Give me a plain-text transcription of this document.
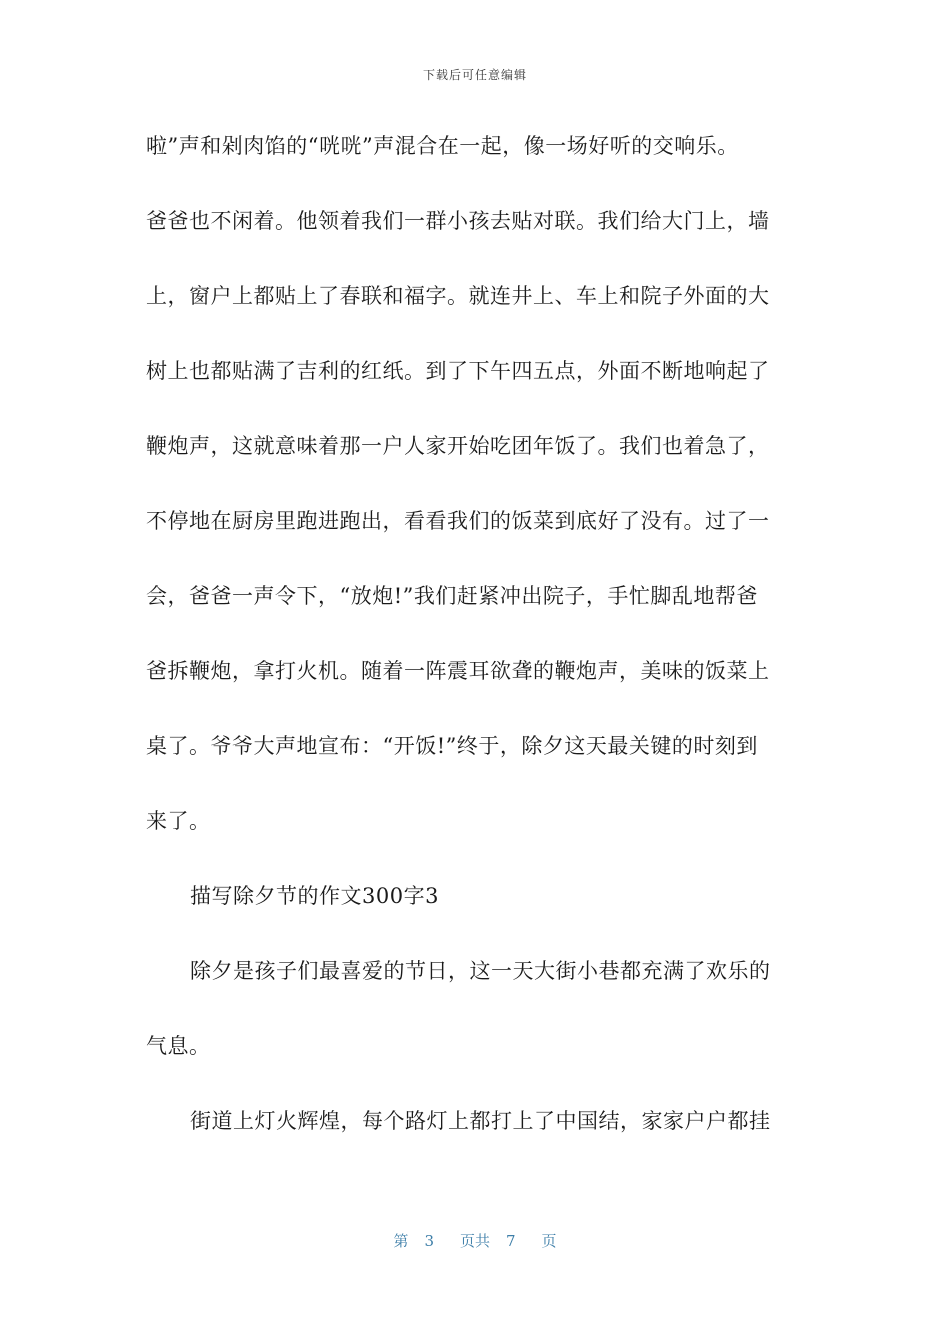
下载后可任意编辑
啦”声和剁肉馅的“咣咣”声混合在一起，像一场好听的交响乐。
爸爸也不闲着。他领着我们一群小孩去贴对联。我们给大门上，墙
上，窗户上都贴上了春联和福字。就连井上、车上和院子外面的大
树上也都贴满了吉利的红纸。到了下午四五点，外面不断地响起了
鞭炮声，这就意味着那一户人家开始吃团年饭了。我们也着急了，
不停地在厨房里跑进跑出，看看我们的饭菜到底好了没有。过了一
会，爸爸一声令下，“放炮!”我们赶紧冲出院子，手忙脚乱地帮爸
爸拆鞭炮，拿打火机。随着一阵震耳欲聋的鞭炮声，美味的饭菜上
桌了。爷爷大声地宣布：“开饭!”终于，除夕这天最关键的时刻到
来了。
描写除夕节的作文300字3
除夕是孩子们最喜爱的节日，这一天大街小巷都充满了欢乐的
气息。
街道上灯火辉煌，每个路灯上都打上了中国结，家家户户都挂
第 3 页共 7 页
